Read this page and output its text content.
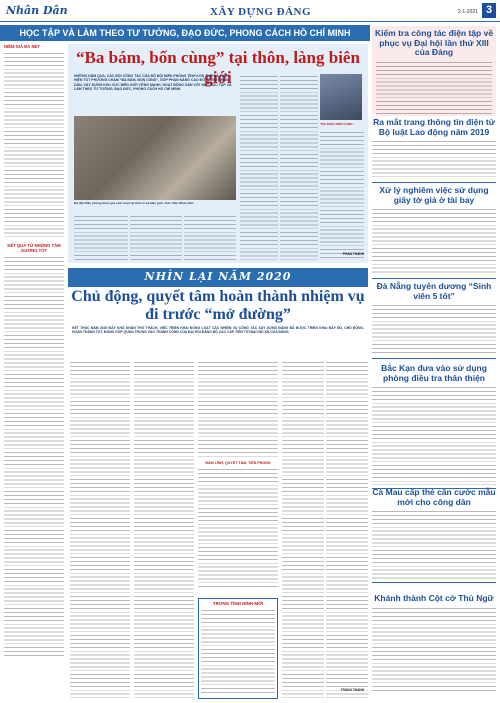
Nhân Dân	XÂY DỰNG ĐẢNG	2-1-2021 3
HỌC TẬP VÀ LÀM THEO TƯ TƯỞNG, ĐẠO ĐỨC, PHONG CÁCH HỒ CHÍ MINH
NIỀM GIÁ ĐÁ NÉT
KẾT QUẢ TỪ NHỮNG TẤM GƯƠNG TỐT
“Ba bám, bốn cùng” tại thôn, làng biên giới
NHỮNG NĂM QUA, CÁC ĐỘI CÔNG TÁC CỦA BỘ ĐỘI BIÊN PHÒNG TỈNH KON TUM ĐÃ THỰC HIỆN TỐT PHƯƠNG CHÂM “BA BÁM, BỐN CÙNG”, GÓP PHẦN NÂNG CAO ĐỜI SỐNG NHÂN DÂN, XÂY DỰNG KHU VỰC BIÊN GIỚI VỮNG MẠNH. HOẠT ĐỘNG GẮN VỚI VIỆC HỌC TẬP VÀ LÀM THEO TƯ TƯỞNG, ĐẠO ĐỨC, PHONG CÁCH HỒ CHÍ MINH.
Bộ đội Biên phòng tham gia sinh hoạt tại thôn ở xã biên giới. Ảnh: Báo Nhân Dân
“BA BÁM, BỐN CÙNG”
NHÌN LẠI NĂM 2020
Chủ động, quyết tâm hoàn thành nhiệm vụ đi trước “mở đường”
KẾT THÚC NĂM 2020 ĐẦY KHÓ KHĂN THỬ THÁCH, VIỆC TRIỂN KHAI ĐỒNG LOẠT CÁC NHIỆM VỤ CÔNG TÁC XÂY DỰNG ĐẢNG ĐÃ ĐƯỢC TRIỂN KHAI ĐẦY ĐỦ, CHỦ ĐỘNG, HOÀN THÀNH TỐT, ĐÓNG GÓP QUAN TRỌNG VÀO THÀNH CÔNG CỦA ĐẠI HỘI ĐẢNG BỘ CÁC CẤP TIẾN TỚI ĐẠI HỘI XIII CỦA ĐẢNG.
ĐẢM LĨNH, QUYẾT TÂM, TIÊN PHONG
TRONG TÌNH HÌNH MỚI
Kiểm tra công tác điện tập về phục vụ Đại hội lần thứ XIII của Đảng
Ra mắt trang thông tin điện tử Bộ luật Lao động năm 2019
Xử lý nghiêm việc sử dụng giấy tờ giả ở tài bay
Đà Nẵng tuyên dương “Sinh viên 5 tốt”
Bắc Kạn đưa vào sử dụng phòng điều tra thân thiện
Cà Mau cấp thẻ căn cước mẫu mới cho công dân
Khánh thành Cột cờ Thủ Ngữ
PHAN THÀNH
TRUNG THÀNH
